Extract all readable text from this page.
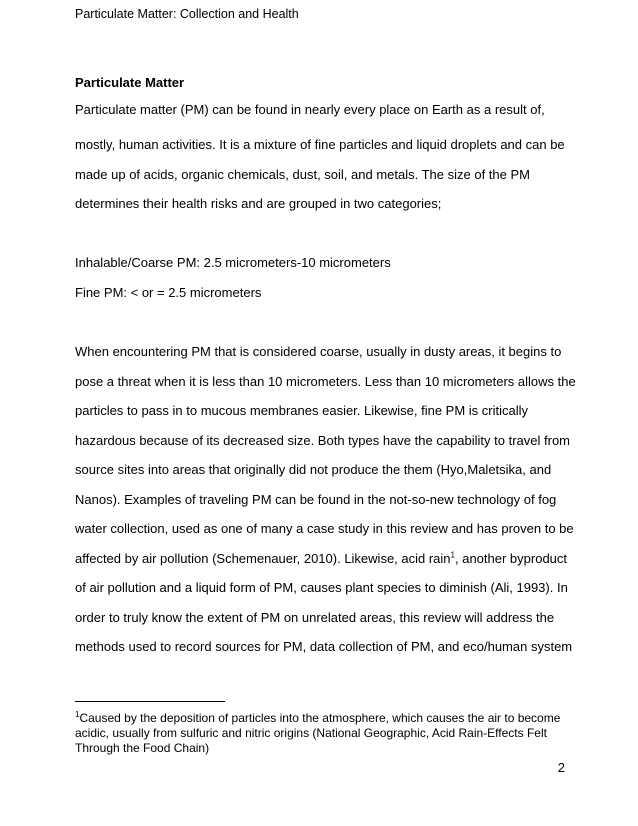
Particulate Matter: Collection and Health
Particulate Matter
Particulate matter (PM) can be found in nearly every place on Earth as a result of,
mostly, human activities. It is a mixture of fine particles and liquid droplets and can be
made up of acids, organic chemicals, dust, soil, and metals. The size of the PM
determines their health risks and are grouped in two categories;
Inhalable/Coarse PM: 2.5 micrometers-10 micrometers
Fine PM: < or = 2.5 micrometers
When encountering PM that is considered coarse, usually in dusty areas, it begins to
pose a threat when it is less than 10 micrometers. Less than 10 micrometers allows the
particles to pass in to mucous membranes easier. Likewise, fine PM is critically
hazardous because of its decreased size. Both types have the capability to travel from
source sites into areas that originally did not produce the them (Hyo,Maletsika, and
Nanos). Examples of traveling PM can be found in the not-so-new technology of fog
water collection, used as one of many a case study in this review and has proven to be
affected by air pollution (Schemenauer, 2010). Likewise, acid rain$^1$, another byproduct
of air pollution and a liquid form of PM, causes plant species to diminish (Ali, 1993). In
order to truly know the extent of PM on unrelated areas, this review will address the
methods used to record sources for PM, data collection of PM, and eco/human system
$^1$Caused by the deposition of particles into the atmosphere, which causes the air to become
acidic, usually from sulfuric and nitric origins (National Geographic, Acid Rain-Effects Felt
Through the Food Chain)
2
